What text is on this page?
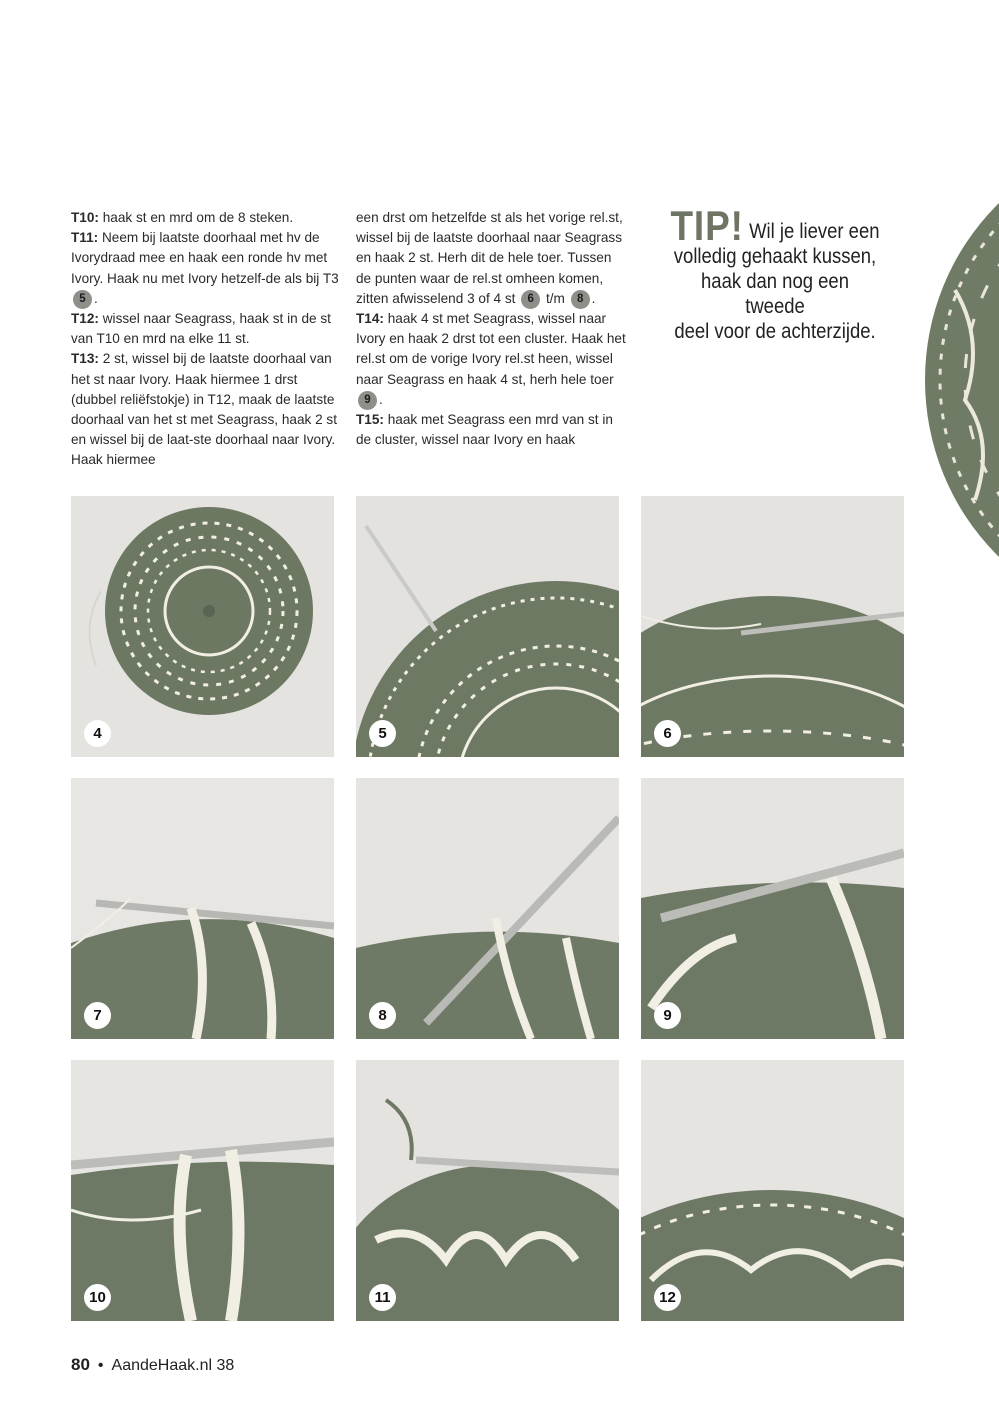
T10: haak st en mrd om de 8 steken.

T11: Neem bij laatste doorhaal met hv de Ivorydraad mee en haak een ronde hv met Ivory. Haak nu met Ivory hetzelf-de als bij T3 5 .

T12: wissel naar Seagrass, haak st in de st van T10 en mrd na elke 11 st.

T13: 2 st, wissel bij de laatste doorhaal van het st naar Ivory. Haak hiermee 1 drst (dubbel reliëfstokje) in T12, maak de laatste doorhaal van het st met Seagrass, haak 2 st en wissel bij de laat-ste doorhaal naar Ivory. Haak hiermee

een drst om hetzelfde st als het vorige rel.st, wissel bij de laatste doorhaal naar Seagrass en haak 2 st. Herh dit de hele toer. Tussen de punten waar de rel.st omheen komen, zitten afwisselend 3 of 4 st 6 t/m 8 .

T14: haak 4 st met Seagrass, wissel naar Ivory en haak 2 drst tot een cluster. Haak het rel.st om de vorige Ivory rel.st heen, wissel naar Seagrass en haak 4 st, herh hele toer 9 .

T15: haak met Seagrass een mrd van st in de cluster, wissel naar Ivory en haak

TIP! Wil je liever een
volledig gehaakt kussen,
haak dan nog een tweede
deel voor de achterzijde.
4	5	6
7	8	9
10	11	12
80 • AandeHaak.nl 38
